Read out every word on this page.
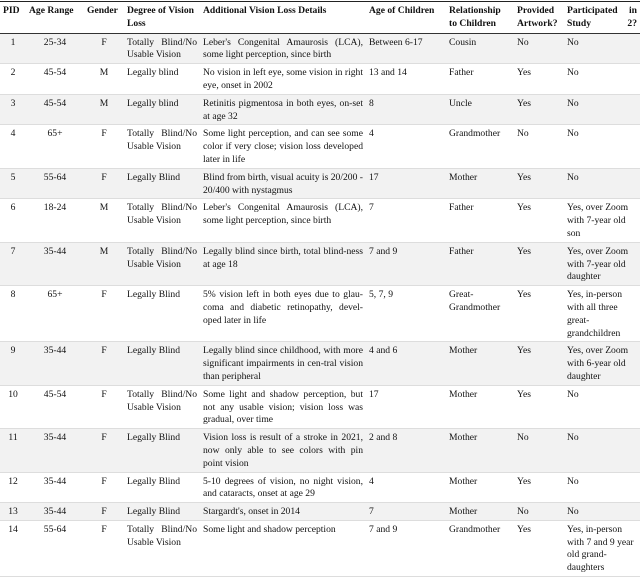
PID	Age Range	Gender	Degree of Vision Loss	Additional Vision Loss Details	Age of Children	Relationship to Children	Provided Artwork?	Participated in Study 2?
1	25-34	F	Totally Blind/No Usable Vision	Leber's Congenital Amaurosis (LCA), some light perception, since birth	Between 6-17	Cousin	No	No
2	45-54	M	Legally blind	No vision in left eye, some vision in right eye, onset in 2002	13 and 14	Father	Yes	No
3	45-54	M	Legally blind	Retinitis pigmentosa in both eyes, on-set at age 32	8	Uncle	Yes	No
4	65+	F	Totally Blind/No Usable Vision	Some light perception, and can see some color if very close; vision loss developed later in life	4	Grandmother	No	No
5	55-64	F	Legally Blind	Blind from birth, visual acuity is 20/200 - 20/400 with nystagmus	17	Mother	Yes	No
6	18-24	M	Totally Blind/No Usable Vision	Leber's Congenital Amaurosis (LCA), some light perception, since birth	7	Father	Yes	Yes, over Zoom with 7-year old son
7	35-44	M	Totally Blind/No Usable Vision	Legally blind since birth, total blind-ness at age 18	7 and 9	Father	Yes	Yes, over Zoom with 7-year old daughter
8	65+	F	Legally Blind	5% vision left in both eyes due to glau-coma and diabetic retinopathy, devel-oped later in life	5, 7, 9	Great-Grandmother	Yes	Yes, in-person with all three great-grandchildren
9	35-44	F	Legally Blind	Legally blind since childhood, with more significant impairments in cen-tral vision than peripheral	4 and 6	Mother	Yes	Yes, over Zoom with 6-year old daughter
10	45-54	F	Totally Blind/No Usable Vision	Some light and shadow perception, but not any usable vision; vision loss was gradual, over time	17	Mother	Yes	No
11	35-44	F	Legally Blind	Vision loss is result of a stroke in 2021, now only able to see colors with pin point vision	2 and 8	Mother	No	No
12	35-44	F	Legally Blind	5-10 degrees of vision, no night vision, and cataracts, onset at age 29	4	Mother	Yes	No
13	35-44	F	Legally Blind	Stargardt's, onset in 2014	7	Mother	No	No
14	55-64	F	Totally Blind/No Usable Vision	Some light and shadow perception	7 and 9	Grandmother	Yes	Yes, in-person with 7 and 9 year old grand-daughters
